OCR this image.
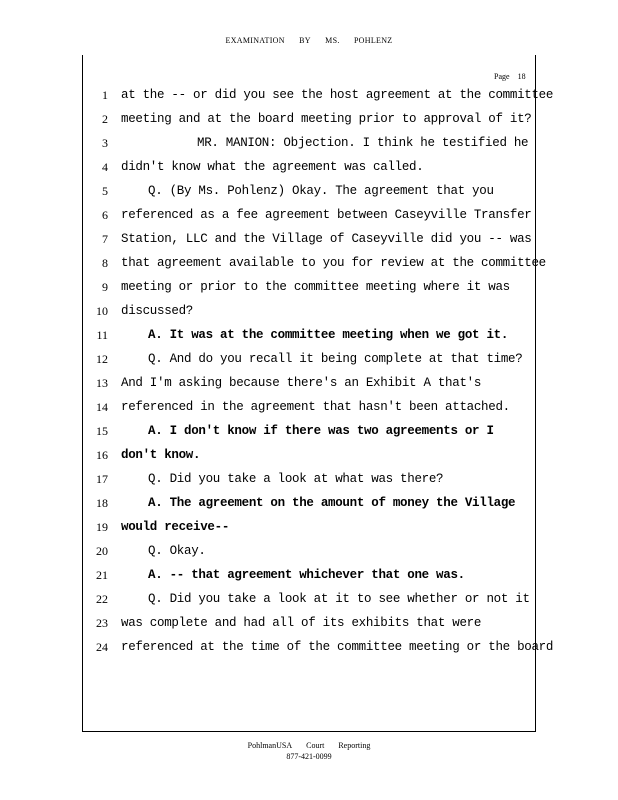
EXAMINATION BY MS. POHLENZ
Page 18
1 at the -- or did you see the host agreement at the committee
2 meeting and at the board meeting prior to approval of it?
3	MR. MANION: Objection. I think he testified he
4 didn't know what the agreement was called.
5	Q. (By Ms. Pohlenz) Okay. The agreement that you
6 referenced as a fee agreement between Caseyville Transfer
7 Station, LLC and the Village of Caseyville did you -- was
8 that agreement available to you for review at the committee
9 meeting or prior to the committee meeting where it was
10 discussed?
11	A. It was at the committee meeting when we got it.
12	Q. And do you recall it being complete at that time?
13 And I'm asking because there's an Exhibit A that's
14 referenced in the agreement that hasn't been attached.
15	A. I don't know if there was two agreements or I
16 don't know.
17	Q. Did you take a look at what was there?
18	A. The agreement on the amount of money the Village
19 would receive--
20	Q. Okay.
21	A. -- that agreement whichever that one was.
22	Q. Did you take a look at it to see whether or not it
23 was complete and had all of its exhibits that were
24 referenced at the time of the committee meeting or the board
PohlmanUSA Court Reporting
877-421-0099
